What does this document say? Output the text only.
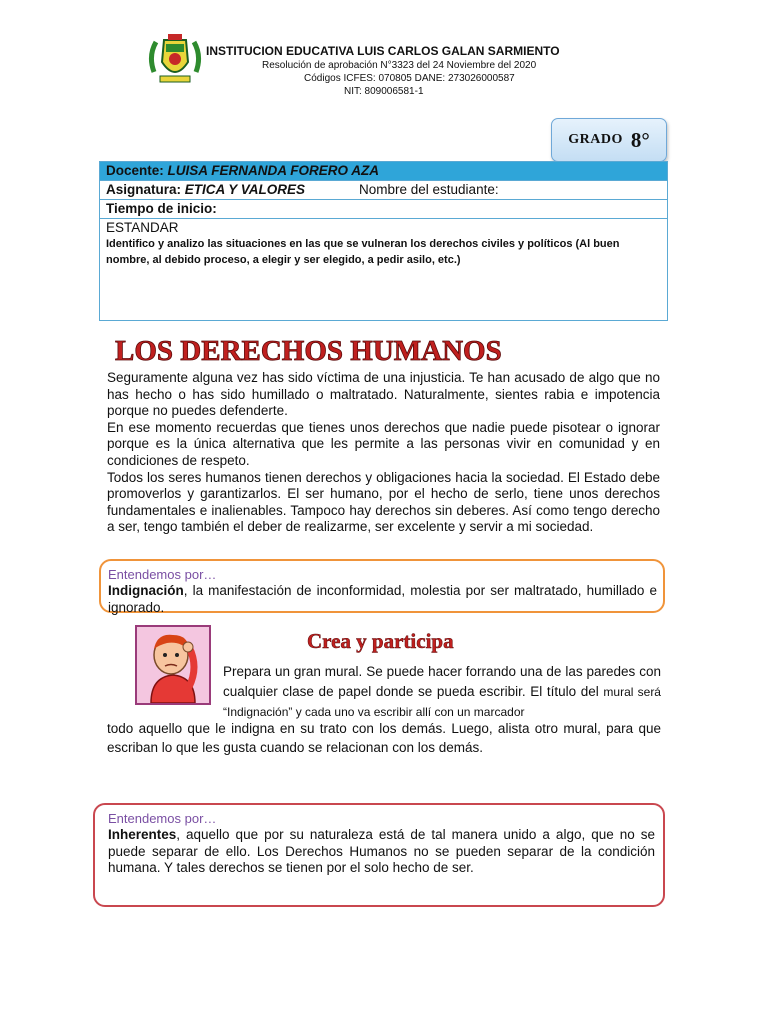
INSTITUCION EDUCATIVA LUIS CARLOS GALAN SARMIENTO
Resolución de aprobación N°3323 del 24 Noviembre del 2020
Códigos ICFES: 070805 DANE: 273026000587
NIT: 809006581-1
GRADO 8°
Docente: LUISA FERNANDA FORERO AZA
Asignatura: ETICA Y VALORES	Nombre del estudiante:
Tiempo de inicio:
ESTANDAR
Identifico y analizo las situaciones en las que se vulneran los derechos civiles y políticos (Al buen nombre, al debido proceso, a elegir y ser elegido, a pedir asilo, etc.)
LOS DERECHOS HUMANOS

Seguramente alguna vez has sido víctima de una injusticia. Te han acusado de algo que no has hecho o has sido humillado o maltratado. Naturalmente, sientes rabia e impotencia porque no puedes defenderte.

En ese momento recuerdas que tienes unos derechos que nadie puede pisotear o ignorar porque es la única alternativa que les permite a las personas vivir en comunidad y en condiciones de respeto.

Todos los seres humanos tienen derechos y obligaciones hacia la sociedad. El Estado debe promoverlos y garantizarlos. El ser humano, por el hecho de serlo, tiene unos derechos fundamentales e inalienables. Tampoco hay derechos sin deberes. Así como tengo derecho a ser, tengo también el deber de realizarme, ser excelente y servir a mi sociedad.

Entendemos por…
Indignación, la manifestación de inconformidad, molestia por ser maltratado, humillado e ignorado.
Crea y participa
Prepara un gran mural. Se puede hacer forrando una de las paredes con cualquier clase de papel donde se pueda escribir. El título del mural será “Indignación” y cada uno va escribir allí con un marcador
todo aquello que le indigna en su trato con los demás. Luego, alista otro mural, para que escriban lo que les gusta cuando se relacionan con los demás.
Entendemos por…
Inherentes, aquello que por su naturaleza está de tal manera unido a algo, que no se puede separar de ello. Los Derechos Humanos no se pueden separar de la condición humana. Y tales derechos se tienen por el solo hecho de ser.
